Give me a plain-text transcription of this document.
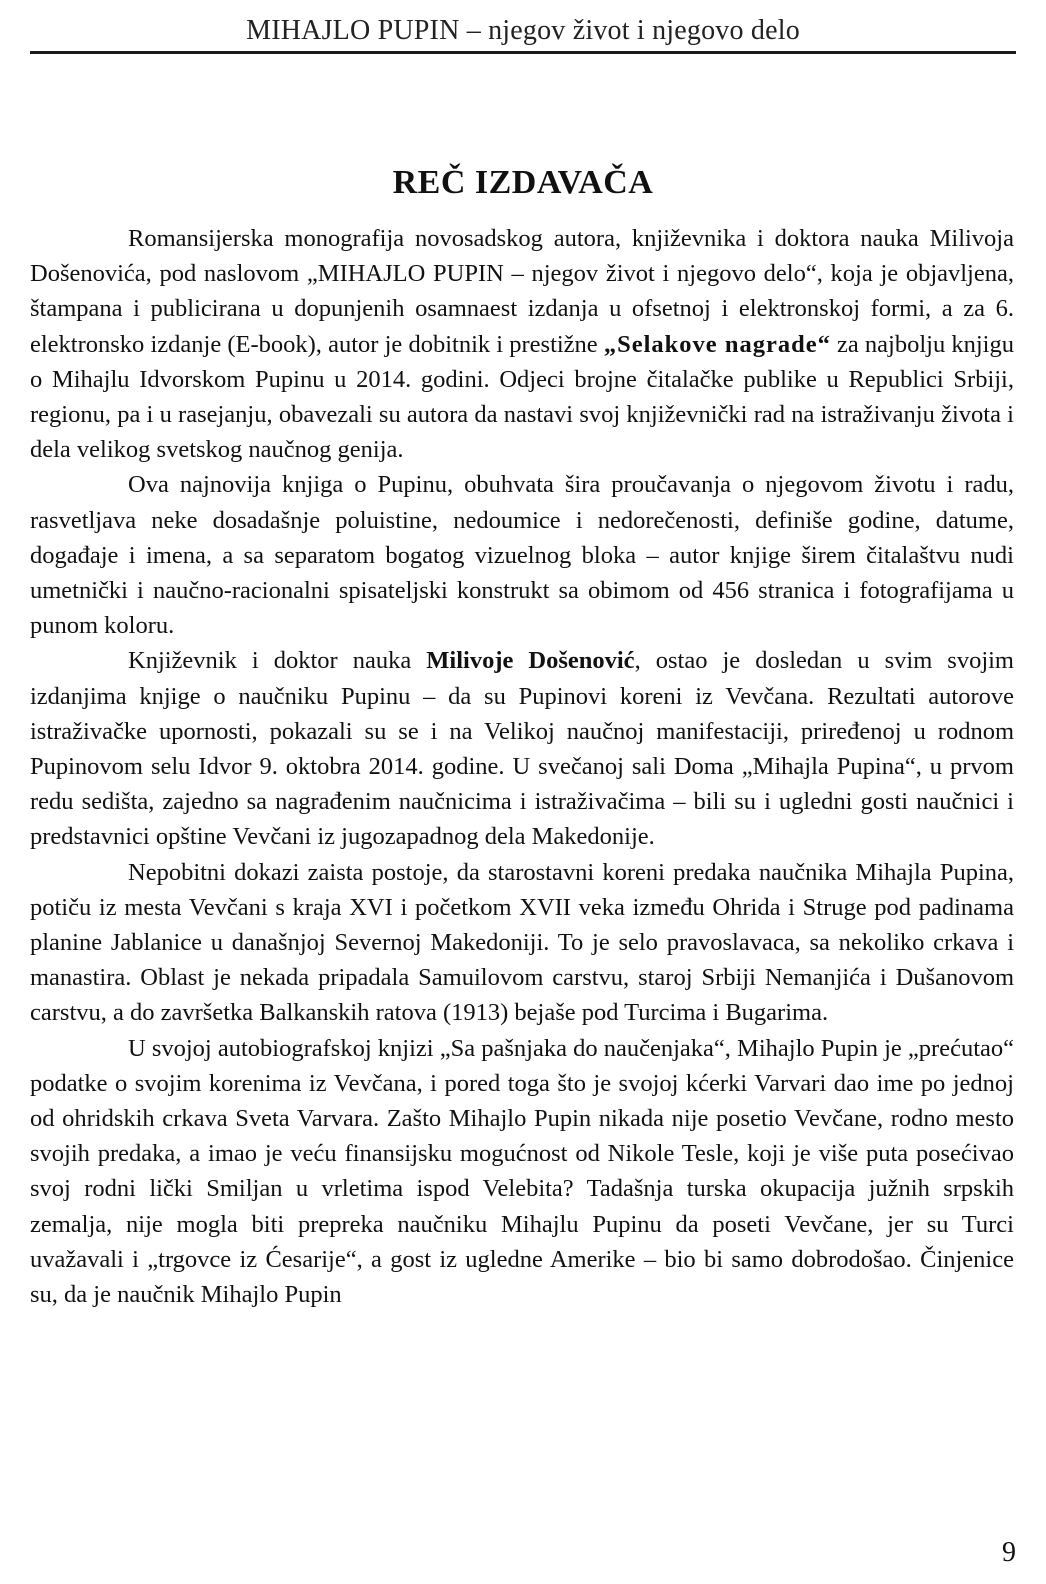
MIHAJLO PUPIN – njegov život i njegovo delo
REČ IZDAVAČA

Romansijerska monografija novosadskog autora, književnika i doktora nauka Milivoja Došenovića, pod naslovom „MIHAJLO PUPIN – njegov život i njegovo delo“, koja je objavljena, štampana i publicirana u dopunjenih osamnaest izdanja u ofsetnoj i elektronskoj formi, a za 6. elektronsko izdanje (E-book), autor je dobitnik i prestižne „Selakove nagrade“ za najbolju knjigu o Mihajlu Idvorskom Pupinu u 2014. godini. Odjeci brojne čitalačke publike u Republici Srbiji, regionu, pa i u rasejanju, obavezali su autora da nastavi svoj književnički rad na istraživanju života i dela velikog svetskog naučnog genija.

Ova najnovija knjiga o Pupinu, obuhvata šira proučavanja o njegovom životu i radu, rasvetljava neke dosadašnje poluistine, nedoumice i nedorečenosti, definiše godine, datume, događaje i imena, a sa separatom bogatog vizuelnog bloka – autor knjige širem čitalaštvu nudi umetnički i naučno-racionalni spisateljski konstrukt sa obimom od 456 stranica i fotografijama u punom koloru.

Književnik i doktor nauka Milivoje Došenović, ostao je dosledan u svim svojim izdanjima knjige o naučniku Pupinu – da su Pupinovi koreni iz Vevčana. Rezultati autorove istraživačke upornosti, pokazali su se i na Velikoj naučnoj manifestaciji, priređenoj u rodnom Pupinovom selu Idvor 9. oktobra 2014. godine. U svečanoj sali Doma „Mihajla Pupina“, u prvom redu sedišta, zajedno sa nagrađenim naučnicima i istraživačima – bili su i ugledni gosti naučnici i predstavnici opštine Vevčani iz jugozapadnog dela Makedonije.

Nepobitni dokazi zaista postoje, da starostavni koreni predaka naučnika Mihajla Pupina, potiču iz mesta Vevčani s kraja XVI i početkom XVII veka između Ohrida i Struge pod padinama planine Jablanice u današnjoj Severnoj Makedoniji. To je selo pravoslavaca, sa nekoliko crkava i manastira. Oblast je nekada pripadala Samuilovom carstvu, staroj Srbiji Nemanjića i Dušanovom carstvu, a do završetka Balkanskih ratova (1913) bejaše pod Turcima i Bugarima.

U svojoj autobiografskoj knjizi „Sa pašnjaka do naučenjaka“, Mihajlo Pupin je „prećutao“ podatke o svojim korenima iz Vevčana, i pored toga što je svojoj kćerki Varvari dao ime po jednoj od ohridskih crkava Sveta Varvara. Zašto Mihajlo Pupin nikada nije posetio Vevčane, rodno mesto svojih predaka, a imao je veću finansijsku mogućnost od Nikole Tesle, koji je više puta posećivao svoj rodni lički Smiljan u vrletima ispod Velebita? Tadašnja turska okupacija južnih srpskih zemalja, nije mogla biti prepreka naučniku Mihajlu Pupinu da poseti Vevčane, jer su Turci uvažavali i „trgovce iz Ćesarije“, a gost iz ugledne Amerike – bio bi samo dobrodošao. Činjenice su, da je naučnik Mihajlo Pupin

9
